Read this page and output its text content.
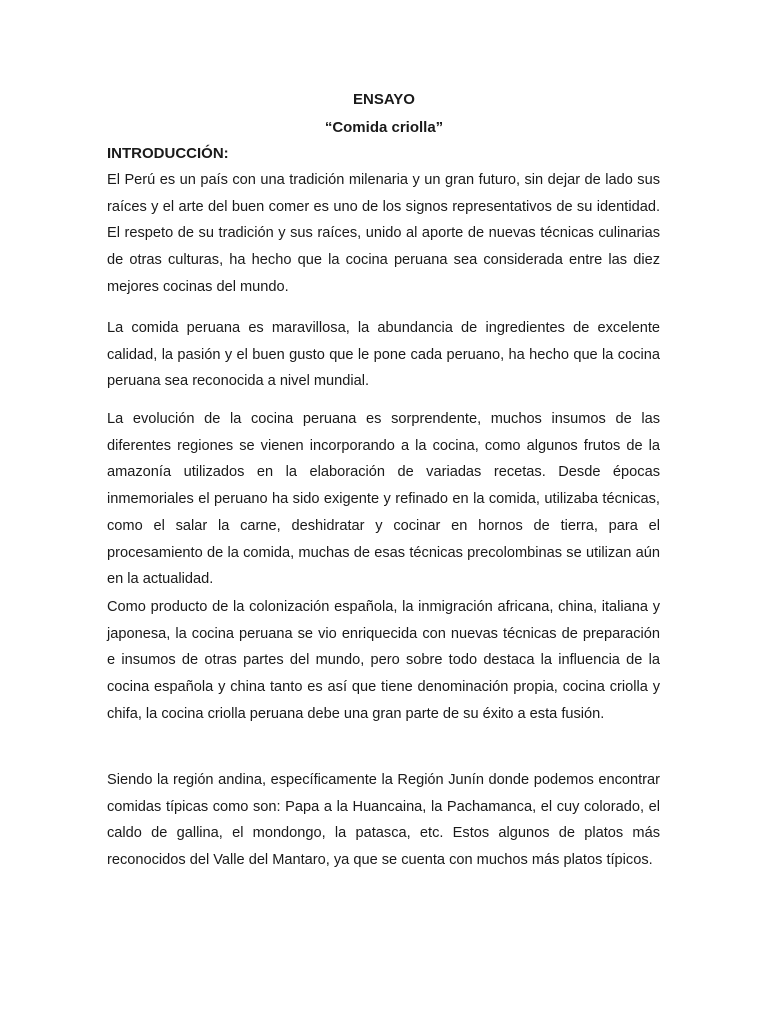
ENSAYO
“Comida criolla”
INTRODUCCIÓN:

El Perú es un país con una tradición milenaria y un gran futuro, sin dejar de lado sus raíces y el arte del buen comer es uno de los signos representativos de su identidad. El respeto de su tradición y sus raíces, unido al aporte de nuevas técnicas culinarias de otras culturas, ha hecho que la cocina peruana sea considerada entre las diez mejores cocinas del mundo.

La comida peruana es maravillosa, la abundancia de ingredientes de excelente calidad, la pasión y el buen gusto que le pone cada peruano, ha hecho que la cocina peruana sea reconocida a nivel mundial.

La evolución de la cocina peruana es sorprendente, muchos insumos de las diferentes regiones se vienen incorporando a la cocina, como algunos frutos de la amazonía utilizados en la elaboración de variadas recetas. Desde épocas inmemoriales el peruano ha sido exigente y refinado en la comida, utilizaba técnicas, como el salar la carne, deshidratar y cocinar en hornos de tierra, para el procesamiento de la comida, muchas de esas técnicas precolombinas se utilizan aún en la actualidad.

Como producto de la colonización española, la inmigración africana, china, italiana y japonesa, la cocina peruana se vio enriquecida con nuevas técnicas de preparación e insumos de otras partes del mundo, pero sobre todo destaca la influencia de la cocina española y china tanto es así que tiene denominación propia, cocina criolla y chifa, la cocina criolla peruana debe una gran parte de su éxito a esta fusión.

Siendo la región andina, específicamente la Región Junín donde podemos encontrar comidas típicas como son: Papa a la Huancaina, la Pachamanca, el cuy colorado, el caldo de gallina, el mondongo, la patasca, etc. Estos algunos de platos más reconocidos del Valle del Mantaro, ya que se cuenta con muchos más platos típicos.
